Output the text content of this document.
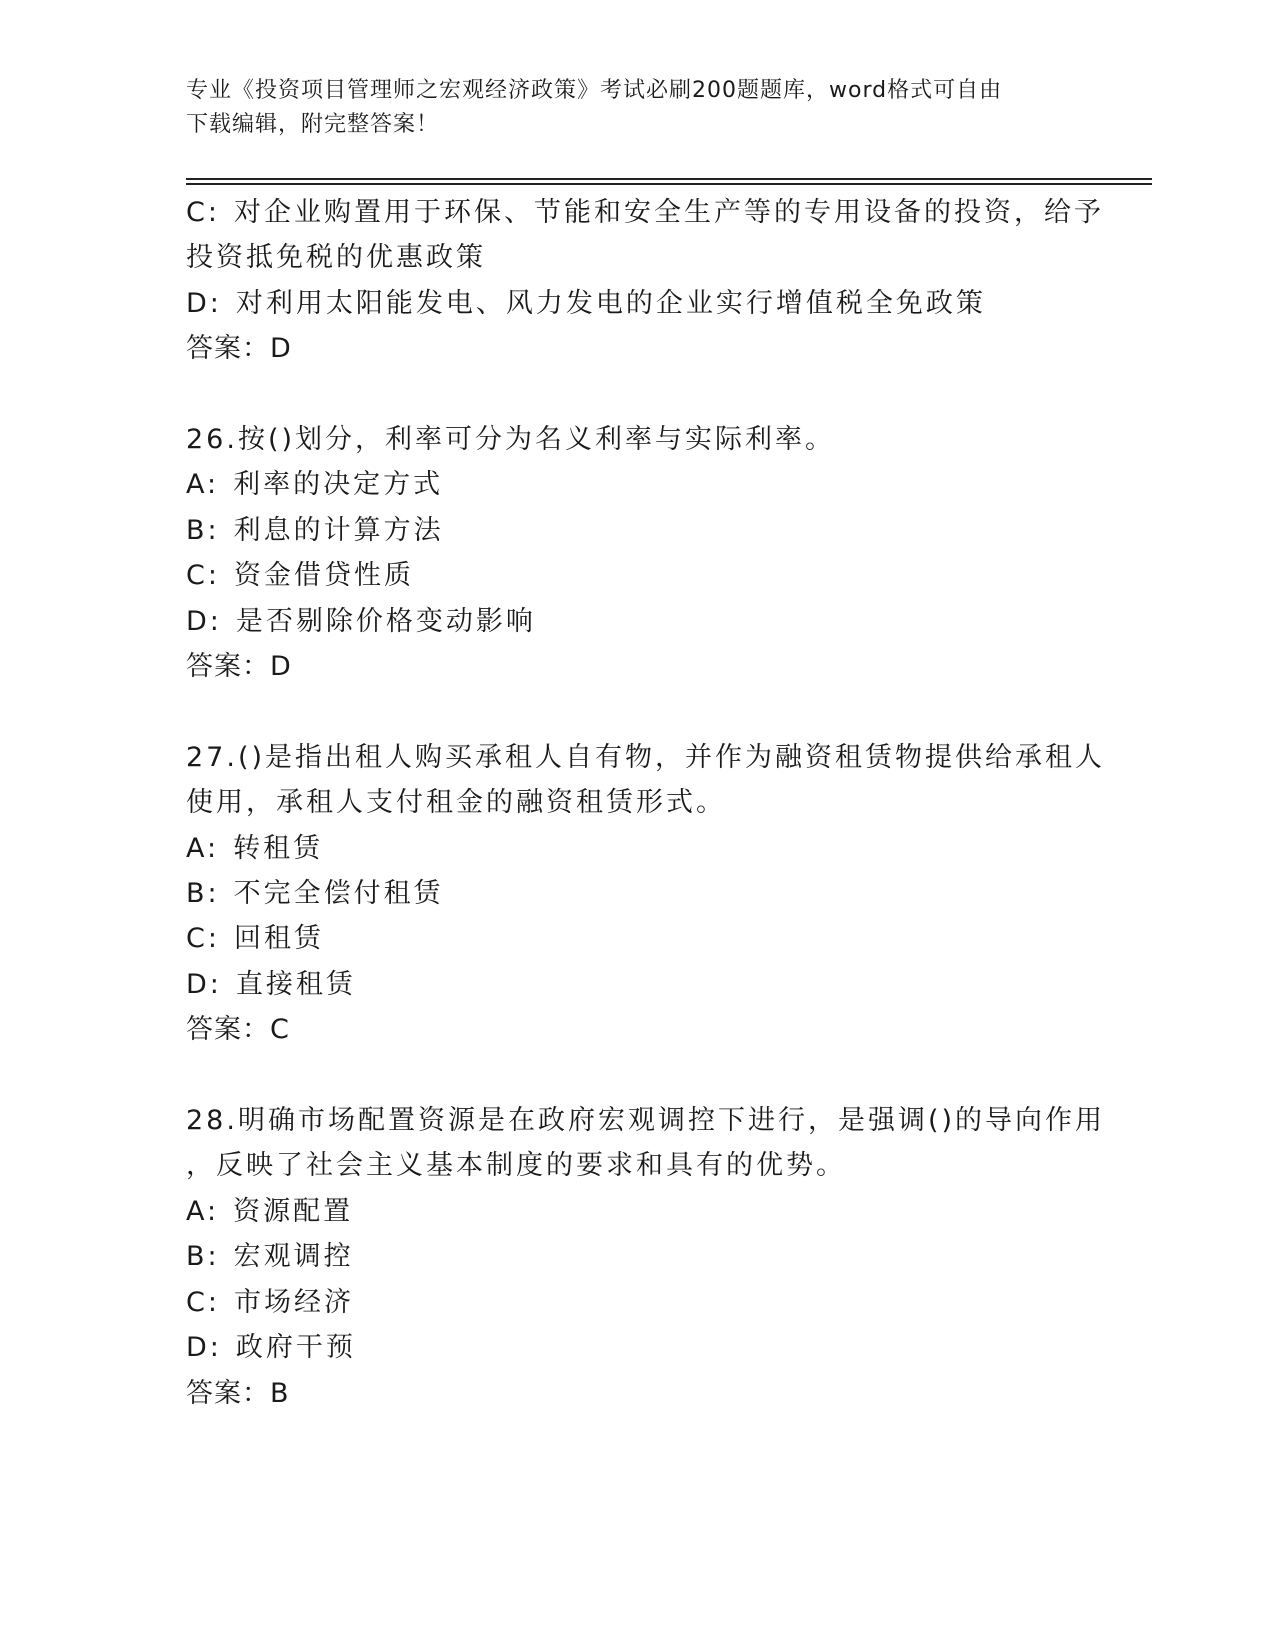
专业《投资项目管理师之宏观经济政策》考试必刷200题题库，word格式可自由
下载编辑，附完整答案！
C: 对企业购置用于环保、节能和安全生产等的专用设备的投资，给予
投资抵免税的优惠政策
D: 对利用太阳能发电、风力发电的企业实行增值税全免政策
答案：D
26.按()划分，利率可分为名义利率与实际利率。
A: 利率的决定方式
B: 利息的计算方法
C: 资金借贷性质
D: 是否剔除价格变动影响
答案：D
27.()是指出租人购买承租人自有物，并作为融资租赁物提供给承租人
使用，承租人支付租金的融资租赁形式。
A: 转租赁
B: 不完全偿付租赁
C: 回租赁
D: 直接租赁
答案：C
28.明确市场配置资源是在政府宏观调控下进行，是强调()的导向作用
，反映了社会主义基本制度的要求和具有的优势。
A: 资源配置
B: 宏观调控
C: 市场经济
D: 政府干预
答案：B
